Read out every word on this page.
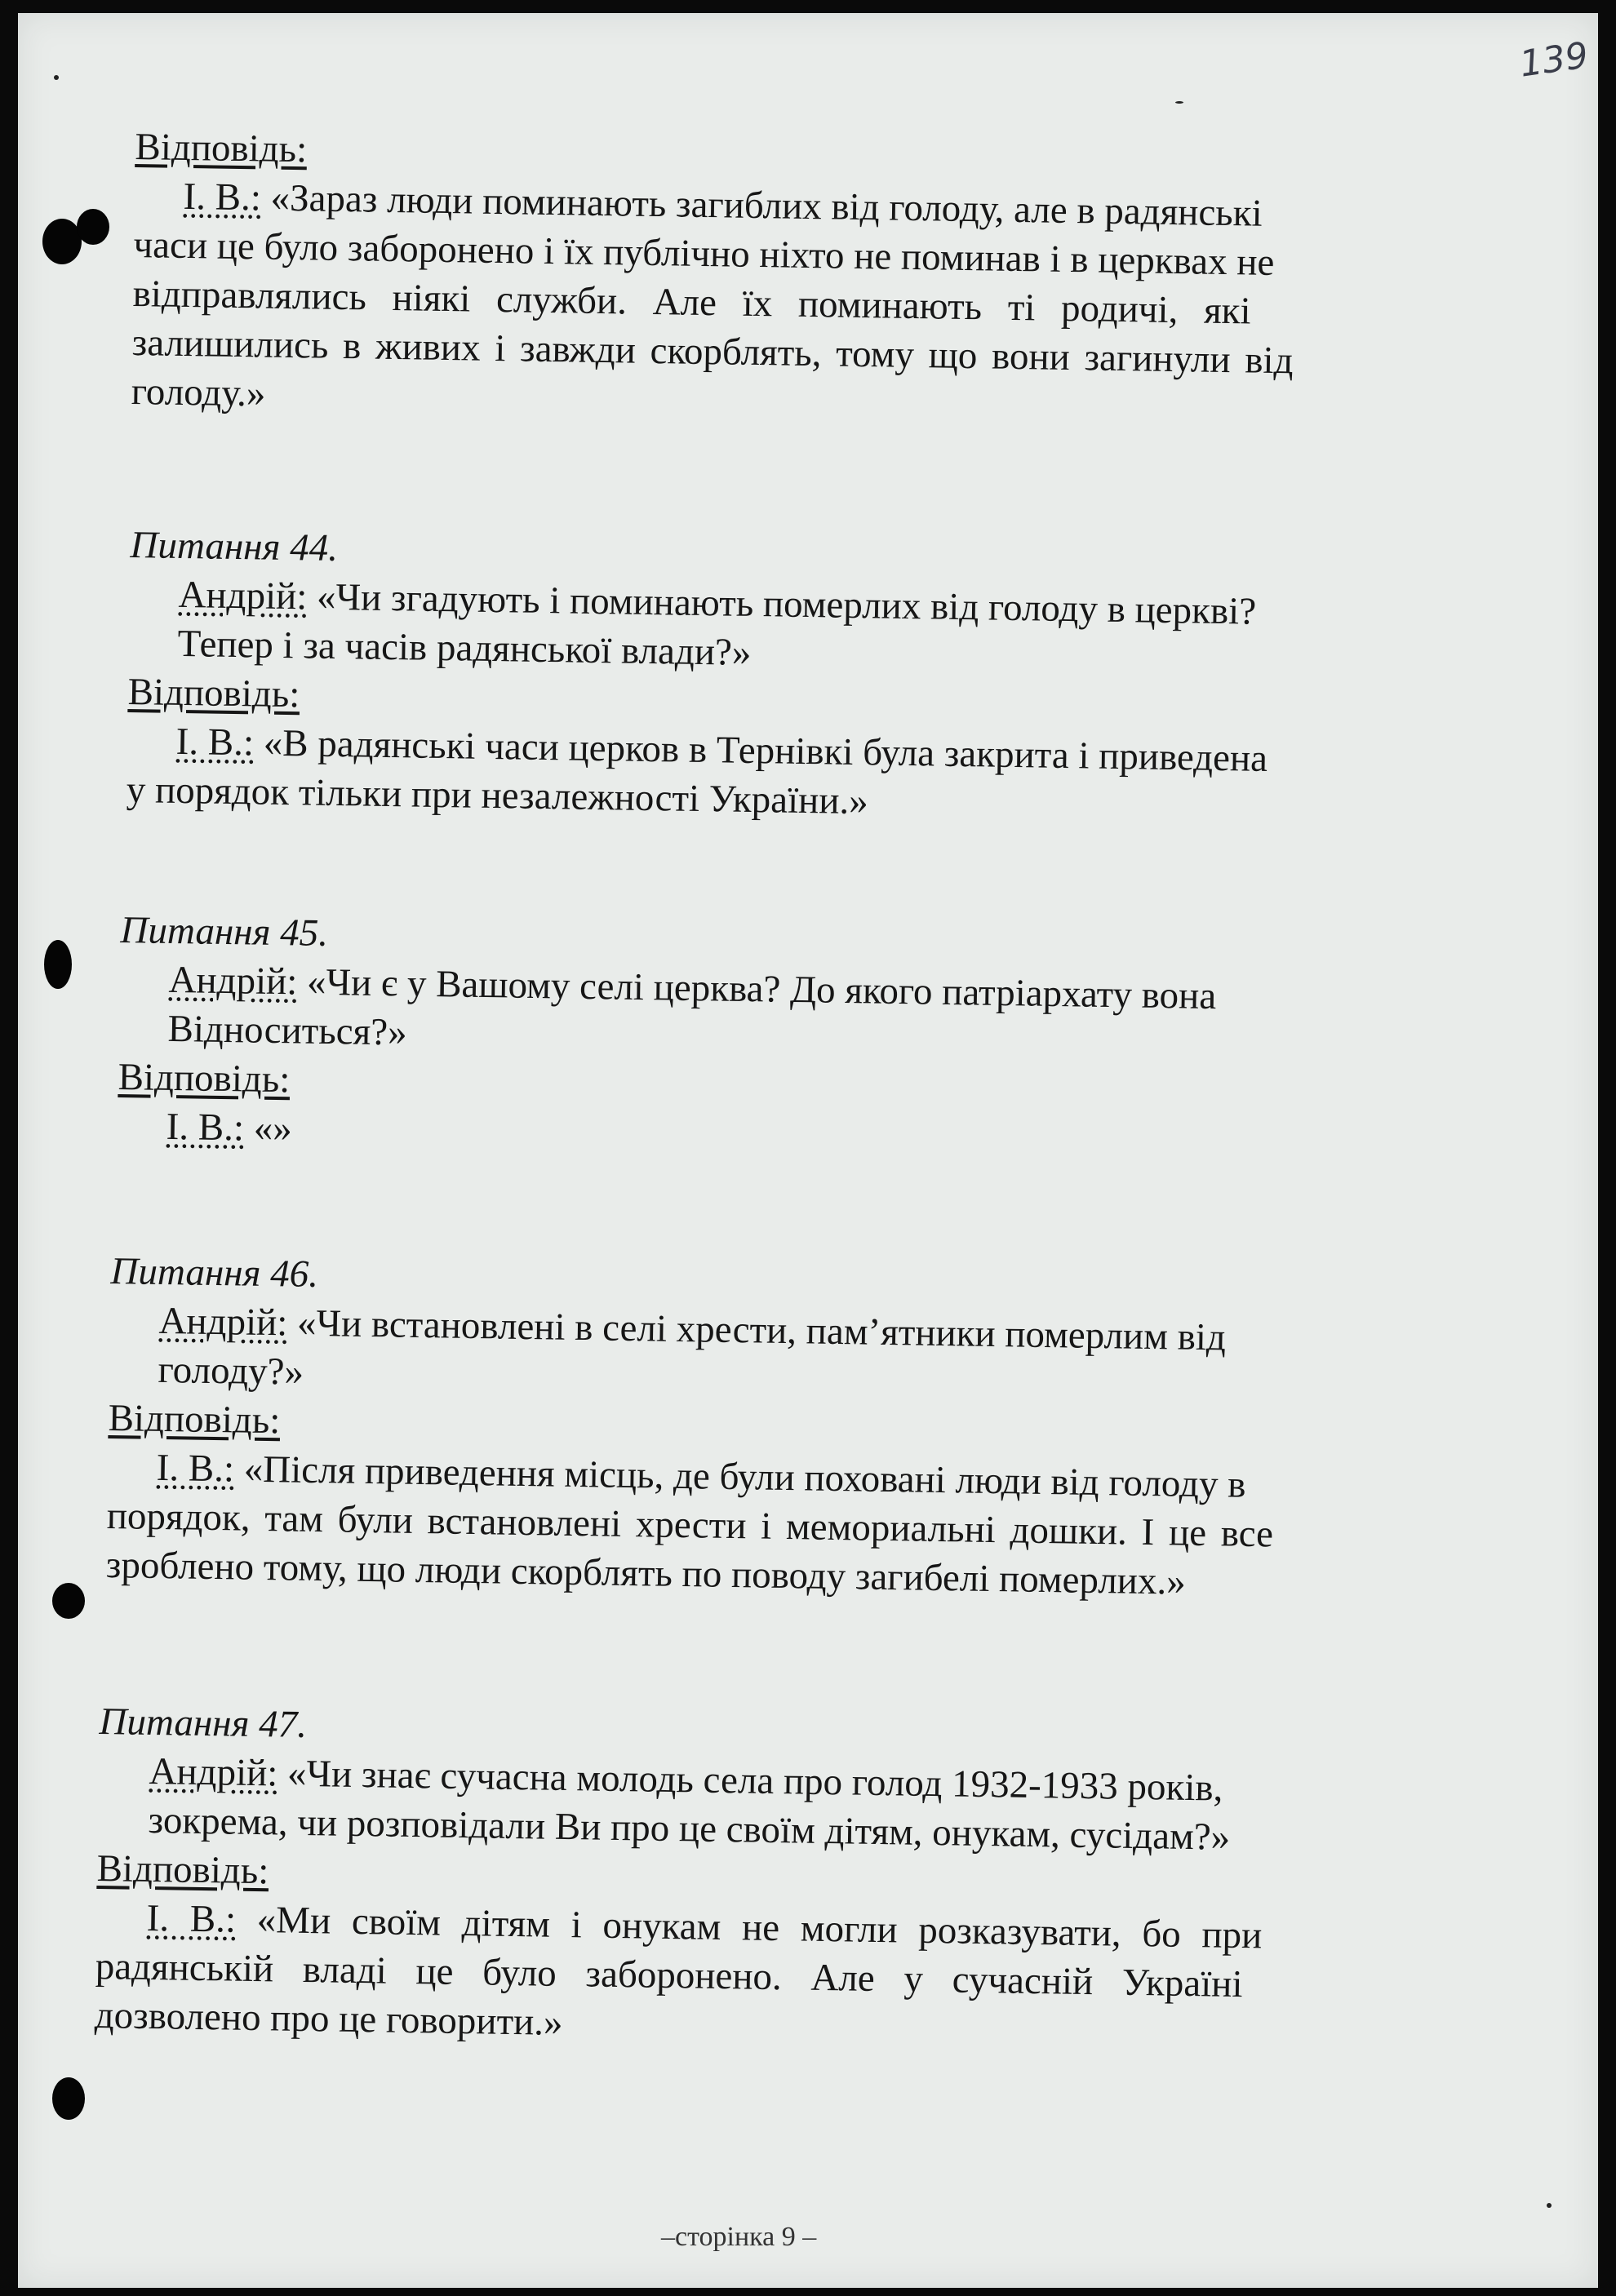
139
Відповідь:
І. В.: «Зараз люди поминають загиблих від голоду, але в радянські
часи це було заборонено і їх публічно ніхто не поминав і в церквах не
відправлялись ніякі служби. Але їх поминають ті родичі, які
залишились в живих і завжди скорблять, тому що вони загинули від
голоду.»
Питання 44.
Андрій: «Чи згадують і поминають померлих від голоду в церкві?
Тепер і за часів радянської влади?»
Відповідь:
І. В.: «В радянські часи церков в Тернівкі була закрита і приведена
у порядок тільки при незалежності України.»
Питання 45.
Андрій: «Чи є у Вашому селі церква? До якого патріархату вона
Відноситься?»
Відповідь:
І. В.: «»
Питання 46.
Андрій: «Чи встановлені в селі хрести, пам’ятники померлим від
голоду?»
Відповідь:
І. В.: «Після приведення місць, де були поховані люди від голоду в
порядок, там були встановлені хрести і мемориальні дошки. І це все
зроблено тому, що люди скорблять по поводу загибелі померлих.»
Питання 47.
Андрій: «Чи знає сучасна молодь села про голод 1932-1933 років,
зокрема, чи розповідали Ви про це своїм дітям, онукам, сусідам?»
Відповідь:
І. В.: «Ми своїм дітям і онукам не могли розказувати, бо при
радянській владі це було заборонено. Але у сучасній Україні
дозволено про це говорити.»
–сторінка 9 –
